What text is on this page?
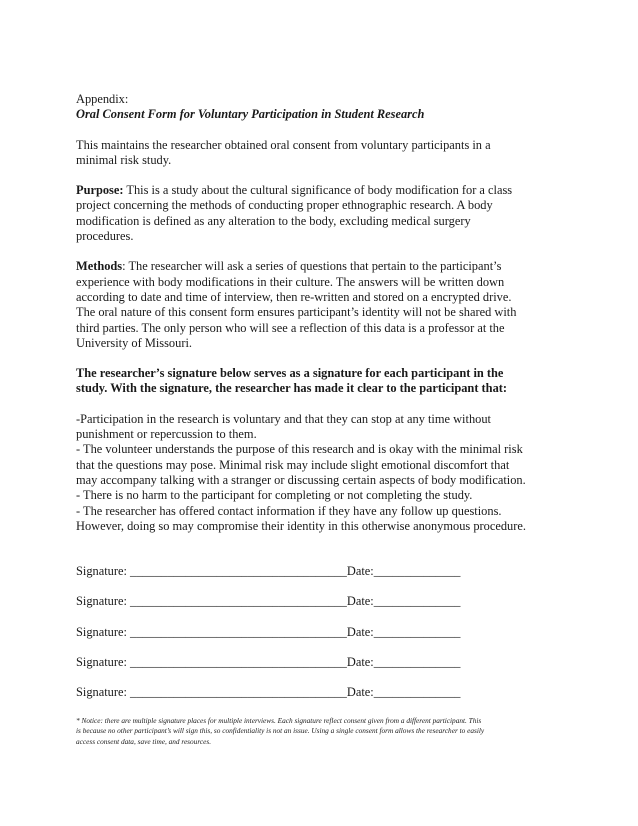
Appendix:
Oral Consent Form for Voluntary Participation in Student Research
This maintains the researcher obtained oral consent from voluntary participants in a
minimal risk study.
Purpose: This is a study about the cultural significance of body modification for a class
project concerning the methods of conducting proper ethnographic research. A body
modification is defined as any alteration to the body, excluding medical surgery
procedures.
Methods: The researcher will ask a series of questions that pertain to the participant’s
experience with body modifications in their culture. The answers will be written down
according to date and time of interview, then re-written and stored on a encrypted drive.
The oral nature of this consent form ensures participant’s identity will not be shared with
third parties. The only person who will see a reflection of this data is a professor at the
University of Missouri.
The researcher’s signature below serves as a signature for each participant in the
study. With the signature, the researcher has made it clear to the participant that:
-Participation in the research is voluntary and that they can stop at any time without
punishment or repercussion to them.
- The volunteer understands the purpose of this research and is okay with the minimal risk
that the questions may pose. Minimal risk may include slight emotional discomfort that
may accompany talking with a stranger or discussing certain aspects of body modification.
- There is no harm to the participant for completing or not completing the study.
- The researcher has offered contact information if they have any follow up questions.
However, doing so may compromise their identity in this otherwise anonymous procedure.
Signature: ___________________________________Date:______________
Signature: ___________________________________Date:______________
Signature: ___________________________________Date:______________
Signature: ___________________________________Date:______________
Signature: ___________________________________Date:______________
* Notice: there are multiple signature places for multiple interviews. Each signature reflect consent given from a different participant. This
is because no other participant’s will sign this, so confidentiality is not an issue. Using a single consent form allows the researcher to easily
access consent data, save time, and resources.
